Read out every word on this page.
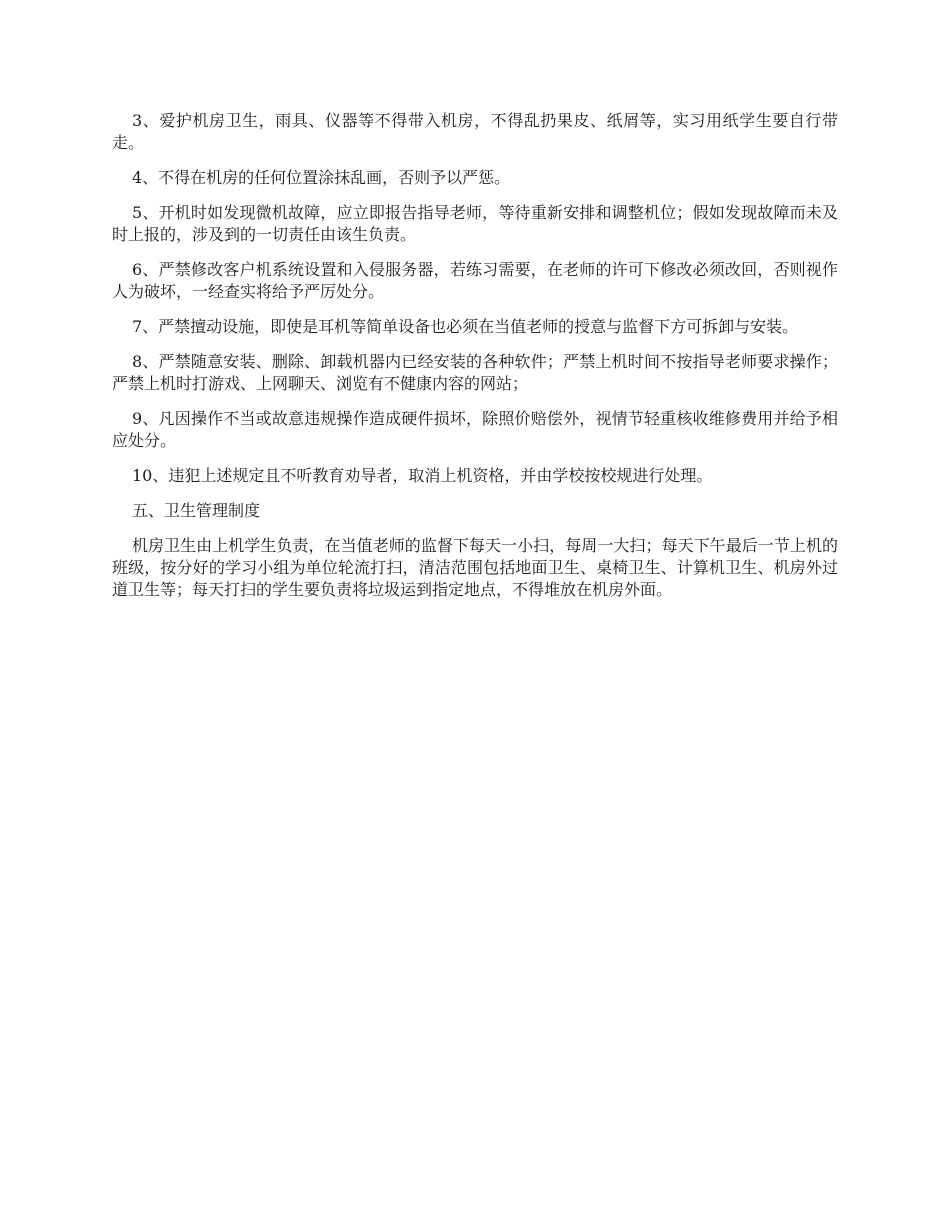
3、爱护机房卫生，雨具、仪器等不得带入机房，不得乱扔果皮、纸屑等，实习用纸学生要自行带走。

4、不得在机房的任何位置涂抹乱画，否则予以严惩。

5、开机时如发现微机故障，应立即报告指导老师，等待重新安排和调整机位；假如发现故障而未及时上报的，涉及到的一切责任由该生负责。

6、严禁修改客户机系统设置和入侵服务器，若练习需要，在老师的许可下修改必须改回，否则视作人为破坏，一经查实将给予严厉处分。

7、严禁擅动设施，即使是耳机等简单设备也必须在当值老师的授意与监督下方可拆卸与安装。

8、严禁随意安装、删除、卸载机器内已经安装的各种软件；严禁上机时间不按指导老师要求操作；严禁上机时打游戏、上网聊天、浏览有不健康内容的网站；

9、凡因操作不当或故意违规操作造成硬件损坏，除照价赔偿外，视情节轻重核收维修费用并给予相应处分。

10、违犯上述规定且不听教育劝导者，取消上机资格，并由学校按校规进行处理。

五、卫生管理制度

机房卫生由上机学生负责，在当值老师的监督下每天一小扫，每周一大扫；每天下午最后一节上机的班级，按分好的学习小组为单位轮流打扫，清洁范围包括地面卫生、桌椅卫生、计算机卫生、机房外过道卫生等；每天打扫的学生要负责将垃圾运到指定地点，不得堆放在机房外面。
